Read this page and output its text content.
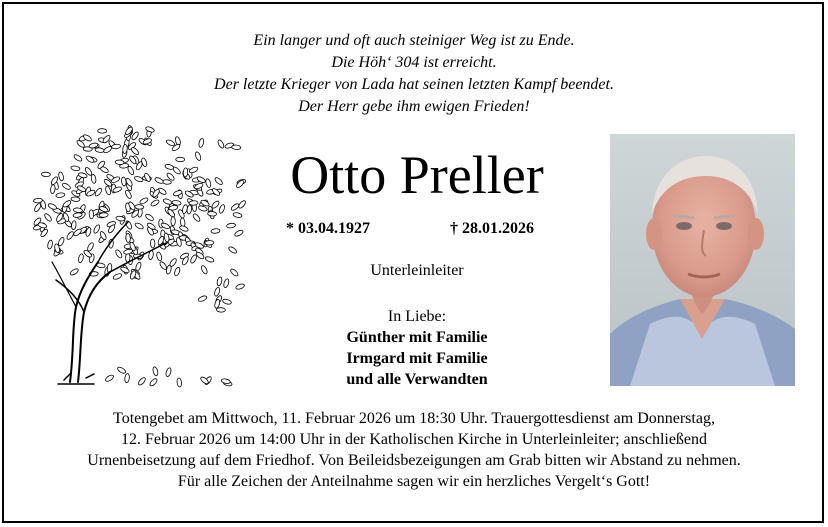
Ein langer und oft auch steiniger Weg ist zu Ende.
Die Höh‘ 304 ist erreicht.
Der letzte Krieger von Lada hat seinen letzten Kampf beendet.
Der Herr gebe ihm ewigen Frieden!
Otto Preller
* 03.04.1927	† 28.01.2026
Unterleinleiter
In Liebe:
Günther mit Familie
Irmgard mit Familie
und alle Verwandten
Totengebet am Mittwoch, 11. Februar 2026 um 18:30 Uhr. Trauergottesdienst am Donnerstag,
12. Februar 2026 um 14:00 Uhr in der Katholischen Kirche in Unterleinleiter; anschließend
Urnenbeisetzung auf dem Friedhof. Von Beileidsbezeigungen am Grab bitten wir Abstand zu nehmen.
Für alle Zeichen der Anteilnahme sagen wir ein herzliches Vergelt‘s Gott!
